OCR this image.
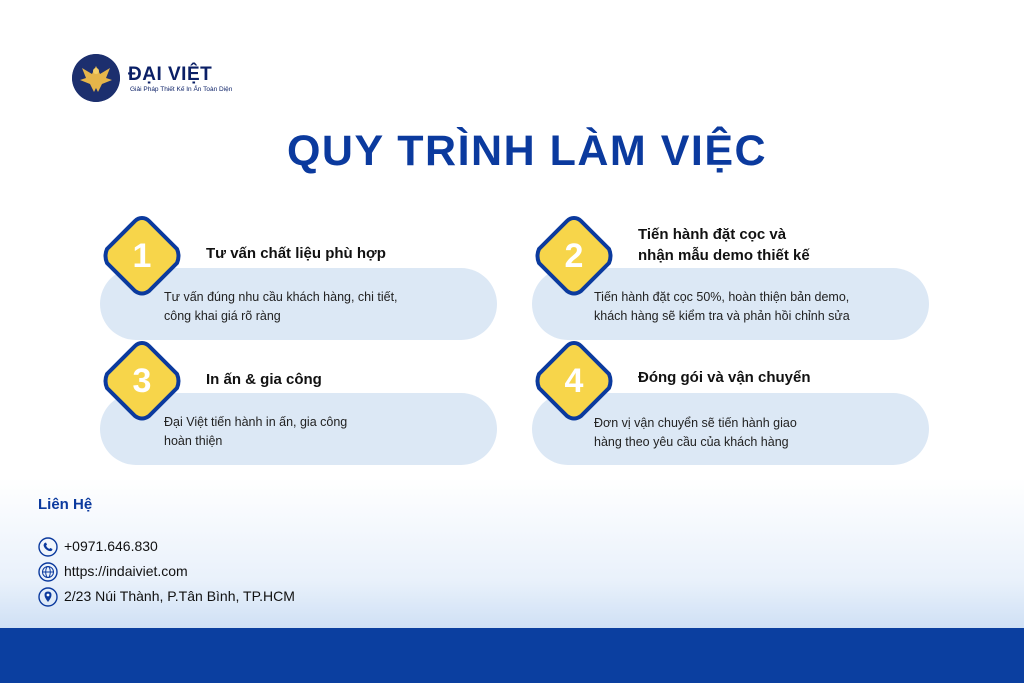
ĐẠI VIỆT
Giải Pháp Thiết Kế In Ấn Toàn Diện
QUY TRÌNH LÀM VIỆC
1	Tư vấn chất liệu phù hợp
Tư vấn đúng nhu cầu khách hàng, chi tiết,
công khai giá rõ ràng
2
Tiến hành đặt cọc và
nhận mẫu demo thiết kế
Tiến hành đặt cọc 50%, hoàn thiện bản demo,
khách hàng sẽ kiểm tra và phản hồi chỉnh sửa
3	In ấn & gia công
Đại Việt tiến hành in ấn, gia công
hoàn thiện
4	Đóng gói và vận chuyển
Đơn vị vận chuyển sẽ tiến hành giao
hàng theo yêu cầu của khách hàng
Liên Hệ
+0971.646.830
https://indaiviet.com
2/23 Núi Thành, P.Tân Bình, TP.HCM
